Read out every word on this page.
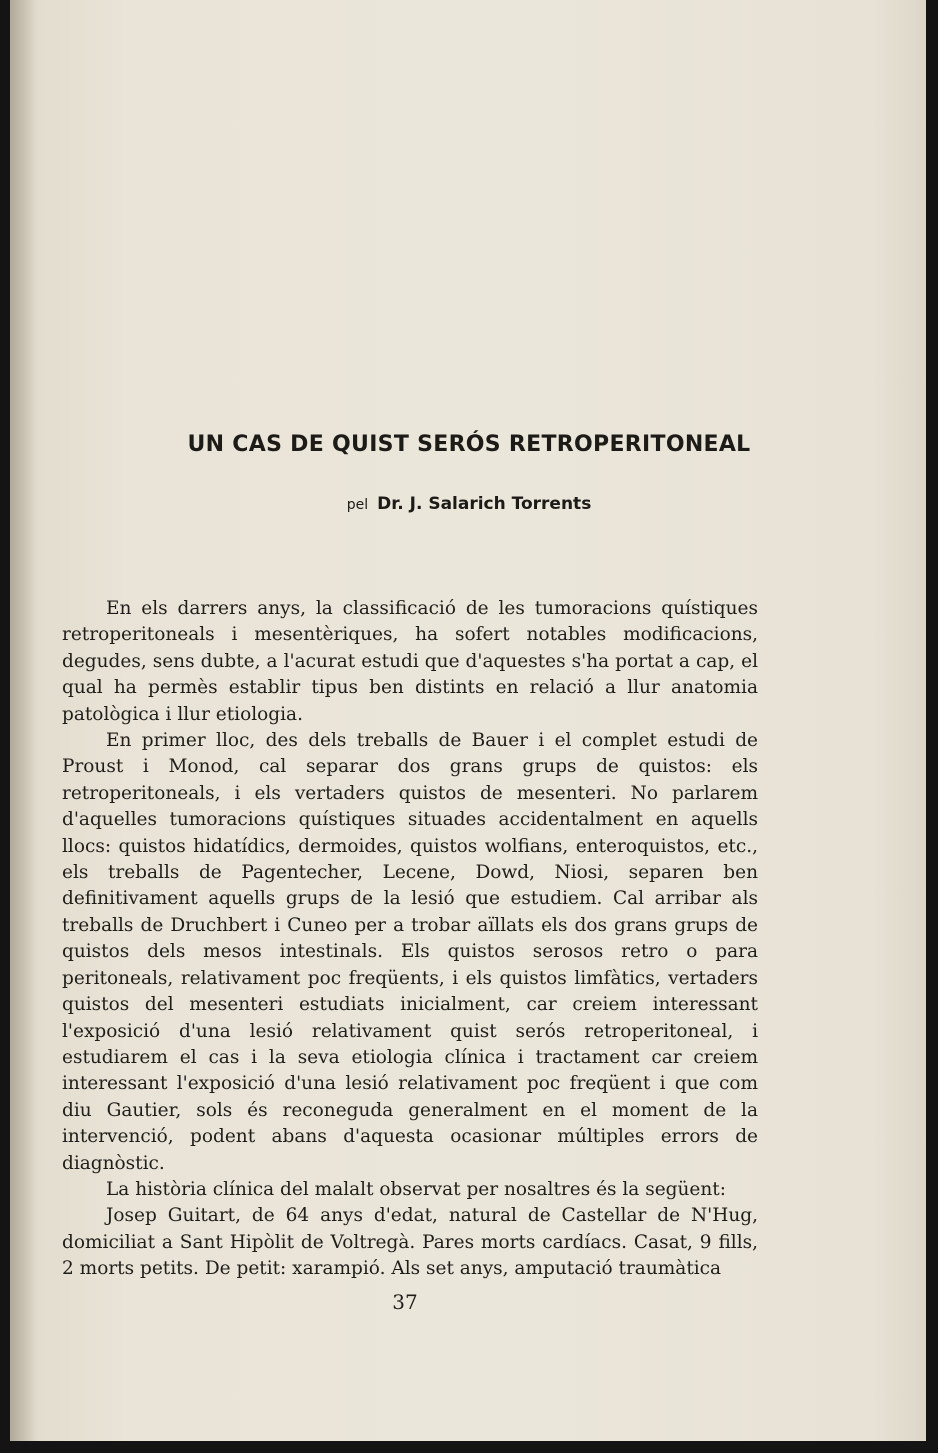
UN CAS DE QUIST SERÓS RETROPERITONEAL
pel Dr. J. Salarich Torrents

En els darrers anys, la classificació de les tumoracions quístiques retroperitoneals i mesentèriques, ha sofert notables modificacions, degudes, sens dubte, a l'acurat estudi que d'aquestes s'ha portat a cap, el qual ha permès establir tipus ben distints en relació a llur anatomia patològica i llur etiologia.

En primer lloc, des dels treballs de Bauer i el complet estudi de Proust i Monod, cal separar dos grans grups de quistos: els retroperitoneals, i els vertaders quistos de mesenteri. No parlarem d'aquelles tumoracions quístiques situades accidentalment en aquells llocs: quistos hidatídics, dermoides, quistos wolfians, enteroquistos, etc., els treballs de Pagentecher, Lecene, Dowd, Niosi, separen ben definitivament aquells grups de la lesió que estudiem. Cal arribar als treballs de Druchbert i Cuneo per a trobar aïllats els dos grans grups de quistos dels mesos intestinals. Els quistos serosos retro o para peritoneals, relativament poc freqüents, i els quistos limfàtics, vertaders quistos del mesenteri estudiats inicialment, car creiem interessant l'exposició d'una lesió relativament quist serós retroperitoneal, i estudiarem el cas i la seva etiologia clínica i tractament car creiem interessant l'exposició d'una lesió relativament poc freqüent i que com diu Gautier, sols és reconeguda generalment en el moment de la intervenció, podent abans d'aquesta ocasionar múltiples errors de diagnòstic.

La història clínica del malalt observat per nosaltres és la següent:

Josep Guitart, de 64 anys d'edat, natural de Castellar de N'Hug, domiciliat a Sant Hipòlit de Voltregà. Pares morts cardíacs. Casat, 9 fills, 2 morts petits. De petit: xarampió. Als set anys, amputació traumàtica

37
